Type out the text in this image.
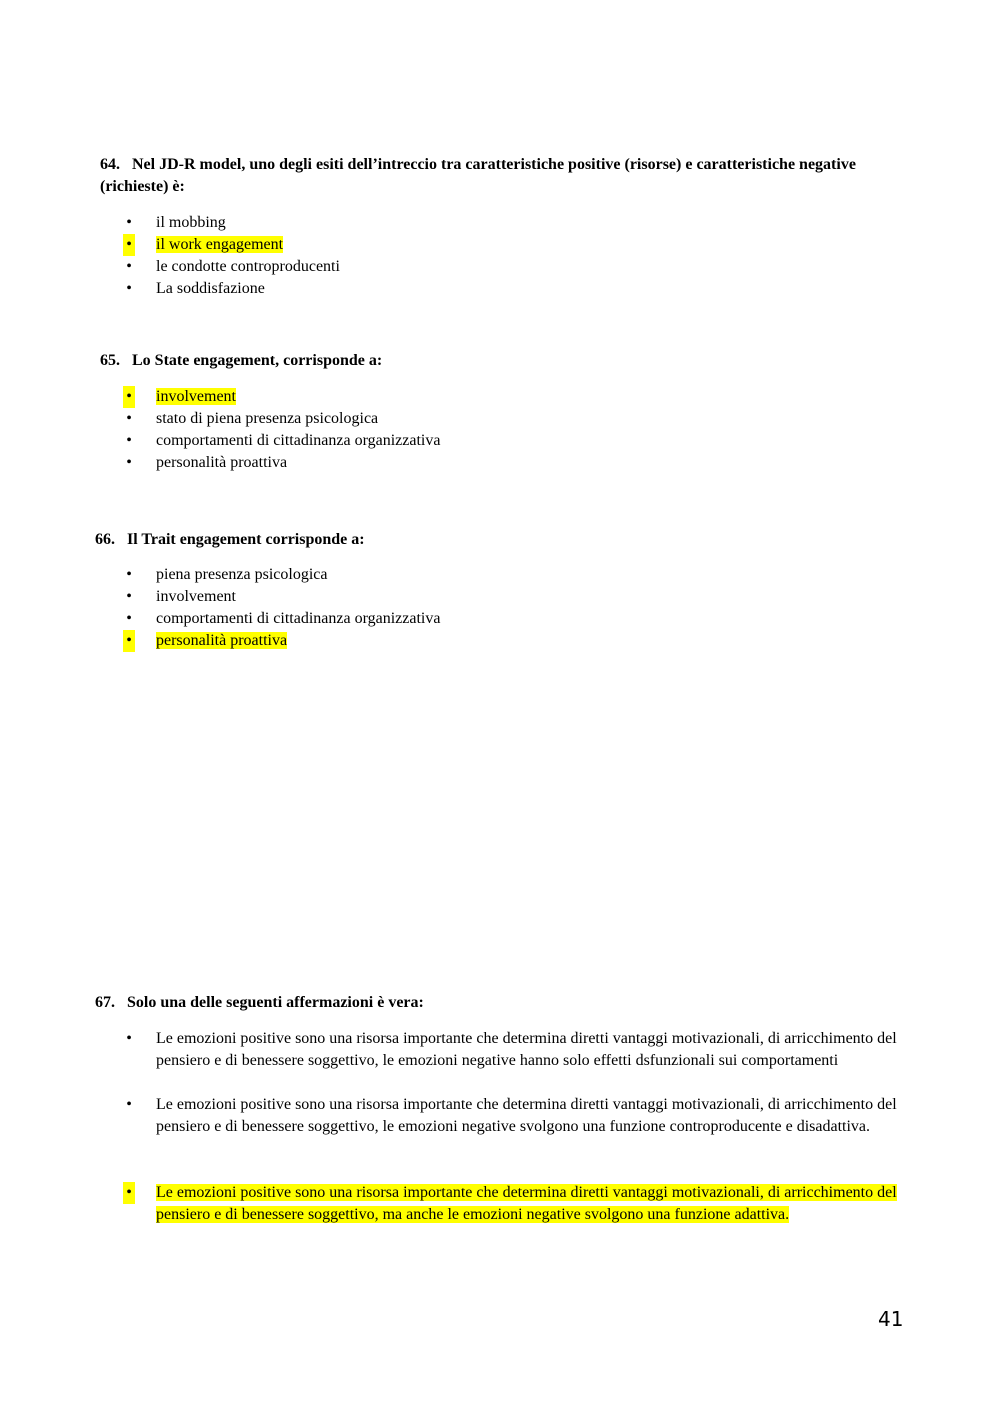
64. Nel JD-R model, uno degli esiti dell’intreccio tra caratteristiche positive (risorse) e caratteristiche negative (richieste) è:

• il mobbing
• il work engagement
• le condotte controproducenti
• La soddisfazione

65. Lo State engagement, corrisponde a:

• involvement
• stato di piena presenza psicologica
• comportamenti di cittadinanza organizzativa
• personalità proattiva

66. Il Trait engagement corrisponde a:

• piena presenza psicologica
• involvement
• comportamenti di cittadinanza organizzativa
• personalità proattiva

67. Solo una delle seguenti affermazioni è vera:

• Le emozioni positive sono una risorsa importante che determina diretti vantaggi motivazionali, di arricchimento del pensiero e di benessere soggettivo, le emozioni negative hanno solo effetti dsfunzionali sui comportamenti
• Le emozioni positive sono una risorsa importante che determina diretti vantaggi motivazionali, di arricchimento del pensiero e di benessere soggettivo, le emozioni negative svolgono una funzione controproducente e disadattiva.
• Le emozioni positive sono una risorsa importante che determina diretti vantaggi motivazionali, di arricchimento del pensiero e di benessere soggettivo, ma anche le emozioni negative svolgono una funzione adattiva.
41
